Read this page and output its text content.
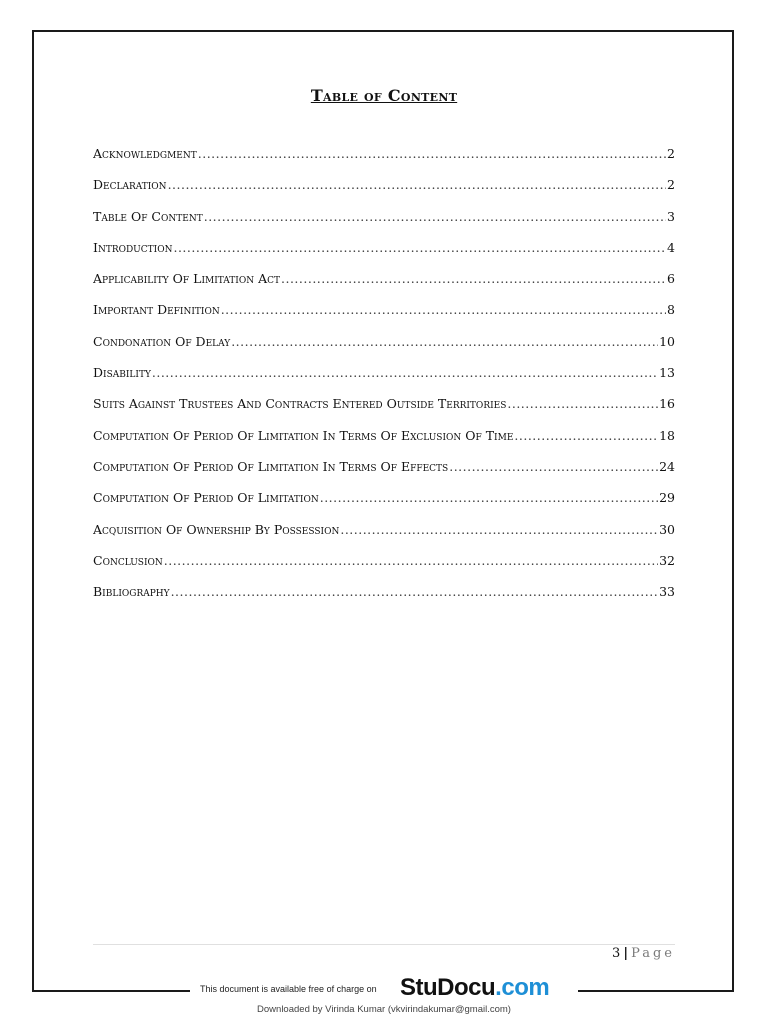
Table of Content
Acknowledgment .....	2
Declaration .....	2
Table Of Content .....	3
Introduction .....	4
Applicability Of Limitation Act .....	6
Important Definition .....	8
Condonation Of Delay .....	10
Disability .....	13
Suits Against Trustees And Contracts Entered Outside Territories .....	16
Computation Of Period Of Limitation In Terms Of Exclusion Of Time .....	18
Computation Of Period Of Limitation In Terms Of Effects .....	24
Computation Of Period Of Limitation .....	29
Acquisition Of Ownership By Possession .....	30
Conclusion .....	32
Bibliography .....	33
3 | Page
This document is available free of charge on StuDocu.com
Downloaded by Virinda Kumar (vkvirindakumar@gmail.com)
